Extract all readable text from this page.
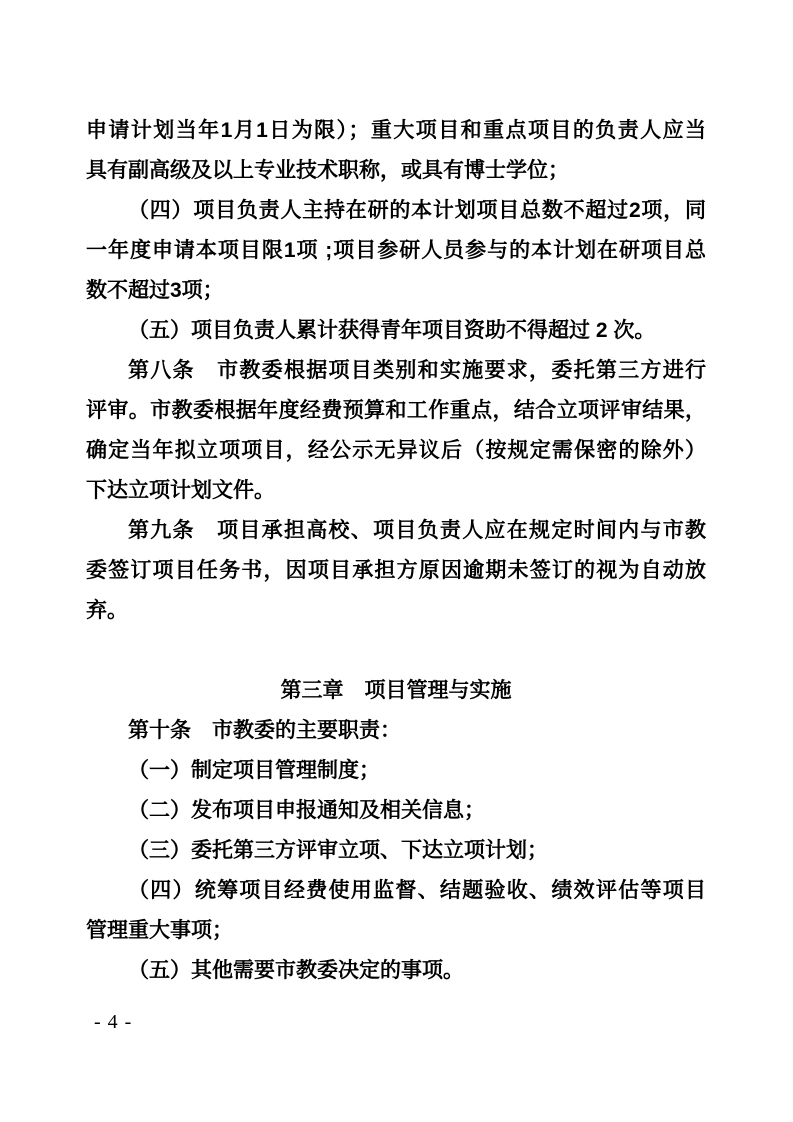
申请计划当年1月1日为限）；重大项目和重点项目的负责人应当
具有副高级及以上专业技术职称，或具有博士学位；
（四）项目负责人主持在研的本计划项目总数不超过2项，同
一年度申请本项目限1项 ;项目参研人员参与的本计划在研项目总
数不超过3项；
（五）项目负责人累计获得青年项目资助不得超过 2 次。
第八条　市教委根据项目类别和实施要求，委托第三方进行
评审。市教委根据年度经费预算和工作重点，结合立项评审结果，
确定当年拟立项项目，经公示无异议后（按规定需保密的除外）
下达立项计划文件。
第九条　项目承担高校、项目负责人应在规定时间内与市教
委签订项目任务书，因项目承担方原因逾期未签订的视为自动放
弃。
第三章　项目管理与实施
第十条　市教委的主要职责：
（一）制定项目管理制度；
（二）发布项目申报通知及相关信息；
（三）委托第三方评审立项、下达立项计划；
（四）统筹项目经费使用监督、结题验收、绩效评估等项目
管理重大事项；
（五）其他需要市教委决定的事项。
- 4 -
